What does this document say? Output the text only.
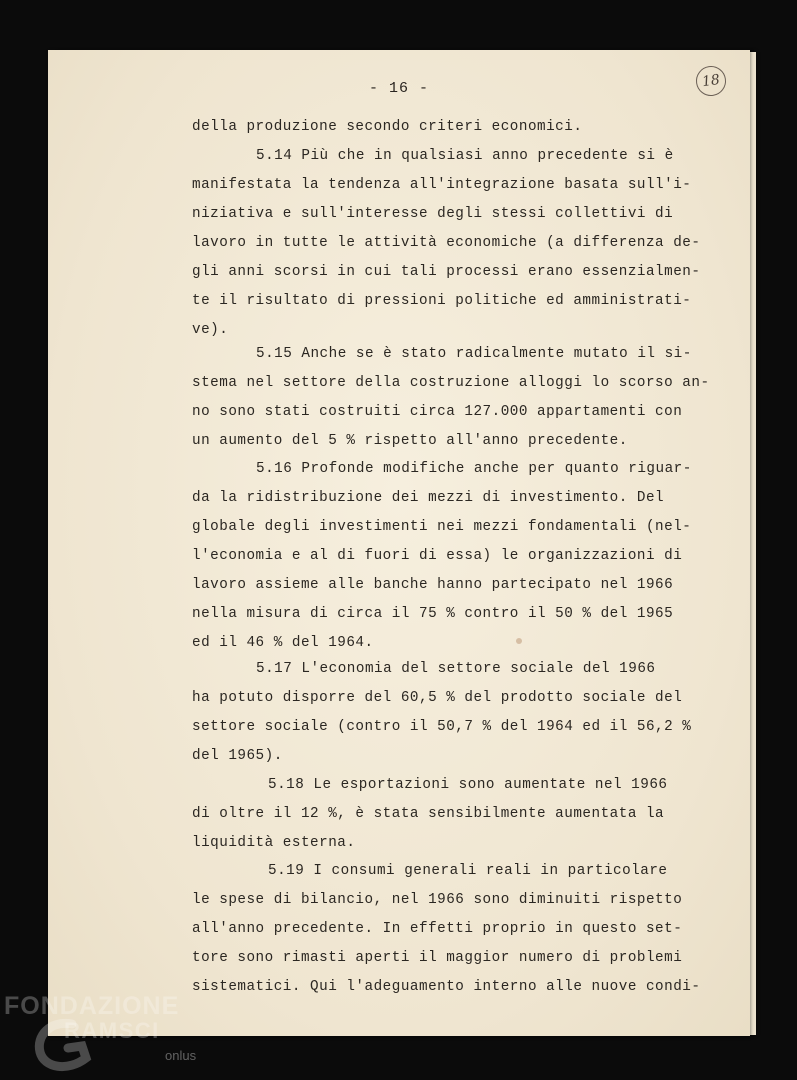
- 16 -	18
della produzione secondo criteri economici.
5.14 Più che in qualsiasi anno precedente si è
manifestata la tendenza all'integrazione basata sull'i-
niziativa e sull'interesse degli stessi collettivi di
lavoro in tutte le attività economiche (a differenza de-
gli anni scorsi in cui tali processi erano essenzialmen-
te il risultato di pressioni politiche ed amministrati-
ve).
5.15 Anche se è stato radicalmente mutato il si-
stema nel settore della costruzione alloggi lo scorso an-
no sono stati costruiti circa 127.000 appartamenti con
un aumento del 5 % rispetto all'anno precedente.
5.16 Profonde modifiche anche per quanto riguar-
da la ridistribuzione dei mezzi di investimento. Del
globale degli investimenti nei mezzi fondamentali (nel-
l'economia e al di fuori di essa) le organizzazioni di
lavoro assieme alle banche hanno partecipato nel 1966
nella misura di circa il 75 % contro il 50 % del 1965
ed il 46 % del 1964.
5.17 L'economia del settore sociale del 1966
ha potuto disporre del 60,5 % del prodotto sociale del
settore sociale (contro il 50,7 % del 1964 ed il 56,2 %
del 1965).
5.18 Le esportazioni sono aumentate nel 1966
di oltre il 12 %, è stata sensibilmente aumentata la
liquidità esterna.
5.19 I consumi generali reali in particolare
le spese di bilancio, nel 1966 sono diminuiti rispetto
all'anno precedente. In effetti proprio in questo set-
tore sono rimasti aperti il maggior numero di problemi
sistematici. Qui l'adeguamento interno alle nuove condi-
FONDAZIONE
RAMSCI
onlus
